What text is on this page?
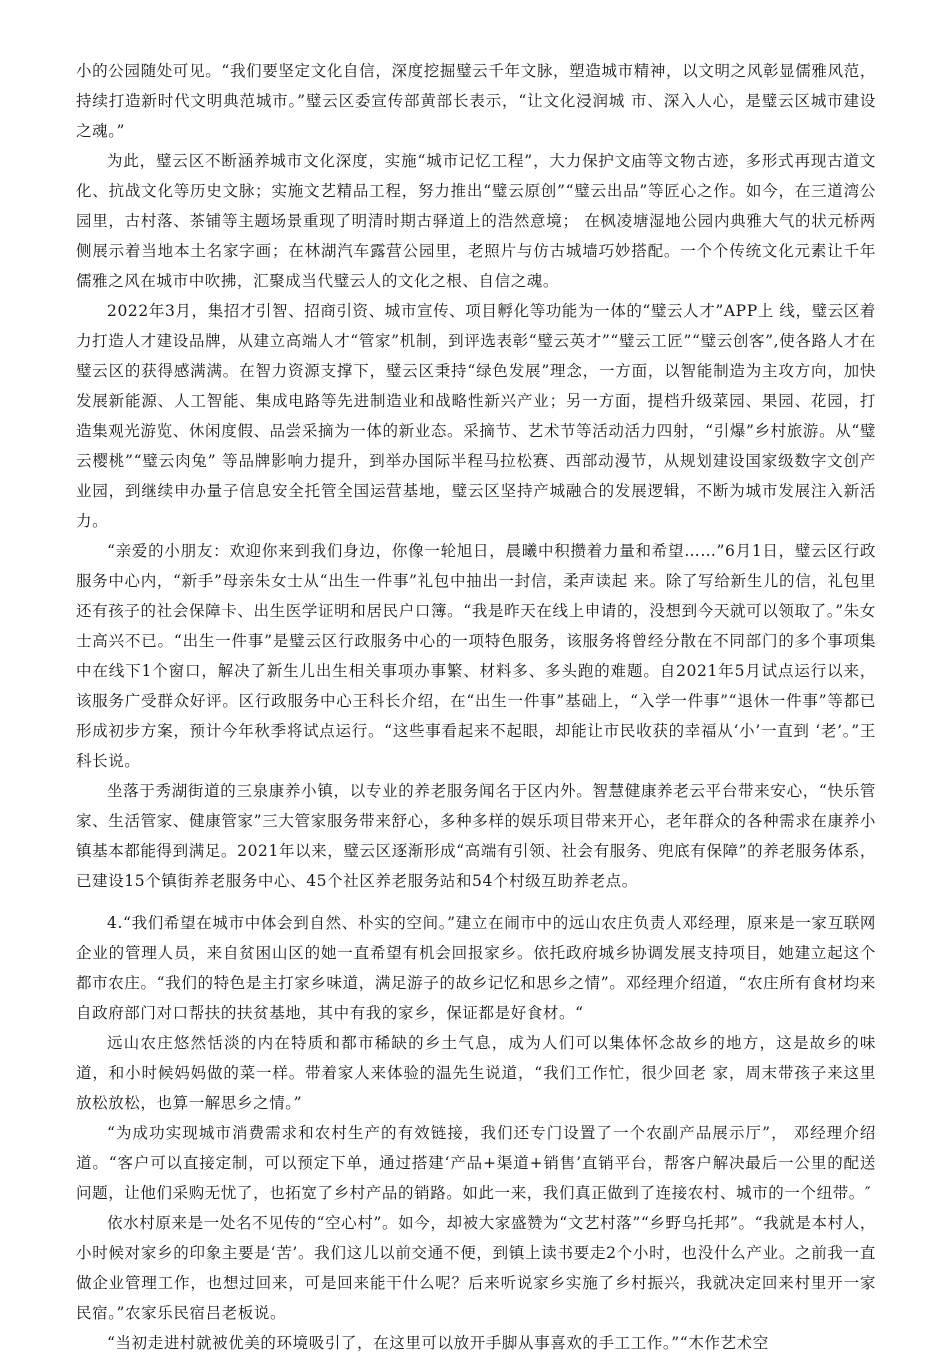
小的公园随处可见。“我们要坚定文化自信，深度挖掘璧云千年文脉，塑造城市精神，以文明之风彰显儒雅风范，持续打造新时代文明典范城市。”璧云区委宣传部黄部长表示，“让文化浸润城 市、深入人心，是璧云区城市建设之魂。”

为此，璧云区不断涵养城市文化深度，实施“城市记忆工程”，大力保护文庙等文物古迹，多形式再现古道文化、抗战文化等历史文脉；实施文艺精品工程，努力推出“璧云原创”“璧云出品”等匠心之作。如今，在三道湾公园里，古村落、茶铺等主题场景重现了明清时期古驿道上的浩然意境； 在枫凌塘湿地公园内典雅大气的状元桥两侧展示着当地本土名家字画；在林湖汽车露营公园里，老照片与仿古城墙巧妙搭配。一个个传统文化元素让千年儒雅之风在城市中吹拂，汇聚成当代璧云人的文化之根、自信之魂。

2022年3月，集招才引智、招商引资、城市宣传、项目孵化等功能为一体的“璧云人才”APP上 线，璧云区着力打造人才建设品牌，从建立高端人才“管家”机制，到评选表彰“璧云英才”“璧云工匠”“璧云创客”,使各路人才在璧云区的获得感满满。在智力资源支撑下，璧云区秉持“绿色发展”理念，一方面，以智能制造为主攻方向，加快发展新能源、人工智能、集成电路等先进制造业和战略性新兴产业；另一方面，提档升级菜园、果园、花园，打造集观光游览、休闲度假、品尝采摘为一体的新业态。采摘节、艺术节等活动活力四射，“引爆”乡村旅游。从“璧云樱桃”“璧云肉兔” 等品牌影响力提升，到举办国际半程马拉松赛、西部动漫节，从规划建设国家级数字文创产业园，到继续申办量子信息安全托管全国运营基地，璧云区坚持产城融合的发展逻辑，不断为城市发展注入新活力。

“亲爱的小朋友：欢迎你来到我们身边，你像一轮旭日，晨曦中积攒着力量和希望……”6月1日，璧云区行政服务中心内，“新手”母亲朱女士从“出生一件事”礼包中抽出一封信，柔声读起 来。除了写给新生儿的信，礼包里还有孩子的社会保障卡、出生医学证明和居民户口簿。“我是昨天在线上申请的，没想到今天就可以领取了。”朱女士高兴不已。“出生一件事”是璧云区行政服务中心的一项特色服务，该服务将曾经分散在不同部门的多个事项集中在线下1个窗口，解决了新生儿出生相关事项办事繁、材料多、多头跑的难题。自2021年5月试点运行以来，该服务广受群众好评。区行政服务中心王科长介绍，在“出生一件事”基础上，“入学一件事”“退休一件事”等都已形成初步方案，预计今年秋季将试点运行。“这些事看起来不起眼，却能让市民收获的幸福从‘小’一直到 ‘老’。”王科长说。

坐落于秀湖街道的三泉康养小镇，以专业的养老服务闻名于区内外。智慧健康养老云平台带来安心，“快乐管家、生活管家、健康管家”三大管家服务带来舒心，多种多样的娱乐项目带来开心，老年群众的各种需求在康养小镇基本都能得到满足。2021年以来，璧云区逐渐形成“高端有引领、社会有服务、兜底有保障”的养老服务体系，已建设15个镇街养老服务中心、45个社区养老服务站和54个村级互助养老点。

4.“我们希望在城市中体会到自然、朴实的空间。”建立在闹市中的远山农庄负责人邓经理，原来是一家互联网企业的管理人员，来自贫困山区的她一直希望有机会回报家乡。依托政府城乡协调发展支持项目，她建立起这个都市农庄。“我们的特色是主打家乡味道，满足游子的故乡记忆和思乡之情”。邓经理介绍道，“农庄所有食材均来自政府部门对口帮扶的扶贫基地，其中有我的家乡，保证都是好食材。“

远山农庄悠然恬淡的内在特质和都市稀缺的乡土气息，成为人们可以集体怀念故乡的地方，这是故乡的味道，和小时候妈妈做的菜一样。带着家人来体验的温先生说道，“我们工作忙，很少回老 家，周末带孩子来这里放松放松，也算一解思乡之情。”

“为成功实现城市消费需求和农村生产的有效链接，我们还专门设置了一个农副产品展示厅”， 邓经理介绍道。“客户可以直接定制，可以预定下单，通过搭建‘产品+渠道+销售’直销平台，帮客户解决最后一公里的配送问题，让他们采购无忧了，也拓宽了乡村产品的销路。如此一来，我们真正做到了连接农村、城市的一个纽带。″

依水村原来是一处名不见传的“空心村”。如今，却被大家盛赞为“文艺村落”“乡野乌托邦”。“我就是本村人，小时候对家乡的印象主要是‘苦’。我们这儿以前交通不便，到镇上读书要走2个小时，也没什么产业。之前我一直做企业管理工作，也想过回来，可是回来能干什么呢？后来听说家乡实施了乡村振兴，我就决定回来村里开一家民宿。”农家乐民宿吕老板说。

“当初走进村就被优美的环境吸引了，在这里可以放开手脚从事喜欢的手工工作。”“木作艺术空
